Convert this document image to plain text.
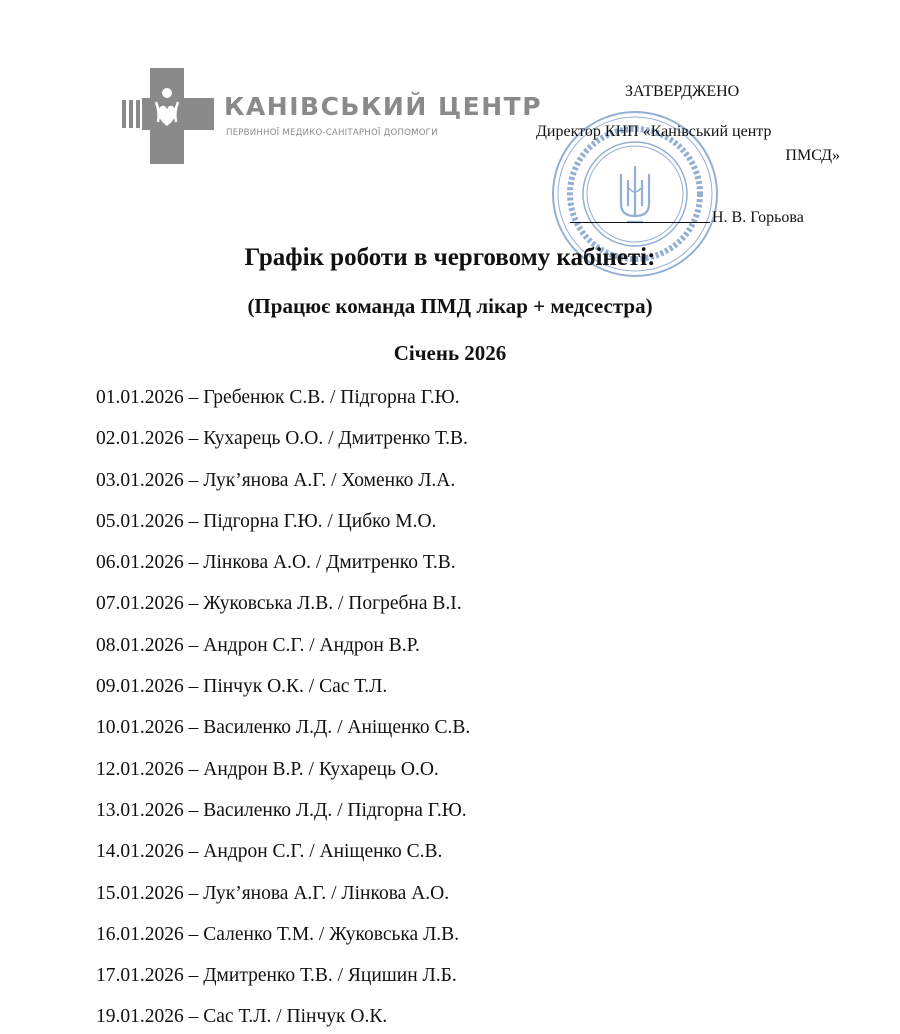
КАНІВСЬКИЙ ЦЕНТР
ПЕРВИННОЇ МЕДИКО-САНІТАРНОЇ ДОПОМОГИ
ЗАТВЕРДЖЕНО
Директор КНП «Канівський центр
ПМСД»
Н. В. Горьова
Графік роботи в черговому кабінеті:
(Працює команда ПМД лікар + медсестра)
Січень 2026
01.01.2026 – Гребенюк С.В. / Підгорна Г.Ю.
02.01.2026 – Кухарець О.О. / Дмитренко Т.В.
03.01.2026 – Лук’янова А.Г. / Хоменко Л.А.
05.01.2026 – Підгорна Г.Ю. / Цибко М.О.
06.01.2026 – Лінкова А.О. / Дмитренко Т.В.
07.01.2026 – Жуковська Л.В. / Погребна В.І.
08.01.2026 – Андрон С.Г. / Андрон В.Р.
09.01.2026 – Пінчук О.К. / Сас Т.Л.
10.01.2026 – Василенко Л.Д. / Аніщенко С.В.
12.01.2026 – Андрон В.Р. / Кухарець О.О.
13.01.2026 – Василенко Л.Д. / Підгорна Г.Ю.
14.01.2026 – Андрон С.Г. / Аніщенко С.В.
15.01.2026 – Лук’янова А.Г. / Лінкова А.О.
16.01.2026 – Саленко Т.М. / Жуковська Л.В.
17.01.2026 – Дмитренко Т.В. / Яцишин Л.Б.
19.01.2026 – Сас Т.Л. / Пінчук О.К.
